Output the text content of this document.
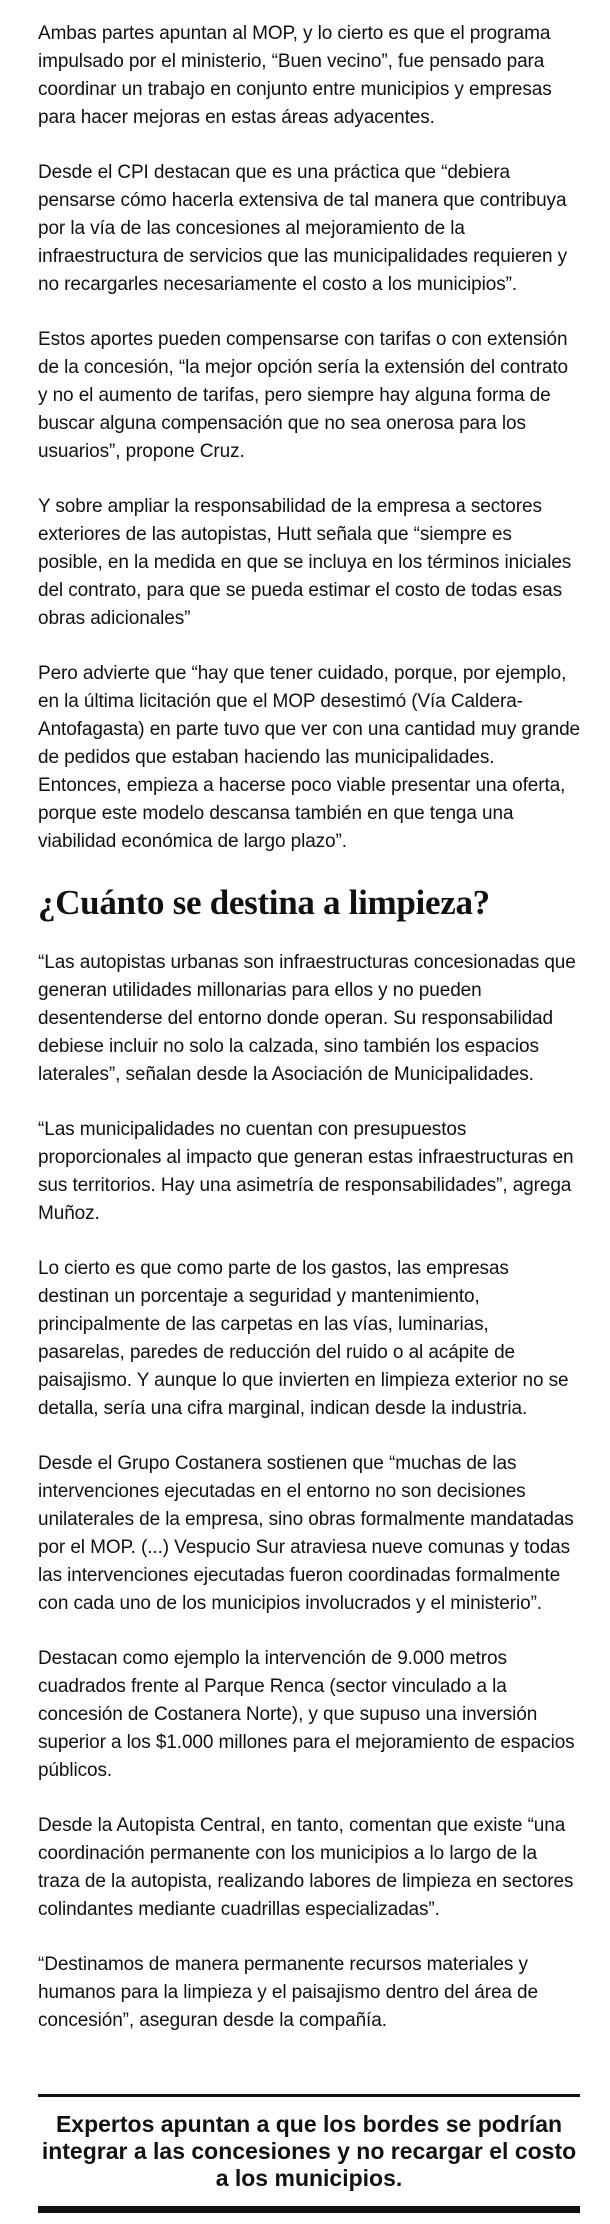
Ambas partes apuntan al MOP, y lo cierto es que el programa impulsado por el ministerio, “Buen vecino”, fue pensado para coordinar un trabajo en conjunto entre municipios y empresas para hacer mejoras en estas áreas adyacentes.

Desde el CPI destacan que es una práctica que “debiera pensarse cómo hacerla extensiva de tal manera que contribuya por la vía de las concesiones al mejoramiento de la infraestructura de servicios que las municipalidades requieren y no recargarles necesariamente el costo a los municipios”.

Estos aportes pueden compensarse con tarifas o con extensión de la concesión, “la mejor opción sería la extensión del contrato y no el aumento de tarifas, pero siempre hay alguna forma de buscar alguna compensación que no sea onerosa para los usuarios”, propone Cruz.

Y sobre ampliar la responsabilidad de la empresa a sectores exteriores de las autopistas, Hutt señala que “siempre es posible, en la medida en que se incluya en los términos iniciales del contrato, para que se pueda estimar el costo de todas esas obras adicionales”

Pero advierte que “hay que tener cuidado, porque, por ejemplo, en la última licitación que el MOP desestimó (Vía Caldera-Antofagasta) en parte tuvo que ver con una cantidad muy grande de pedidos que estaban haciendo las municipalidades. Entonces, empieza a hacerse poco viable presentar una oferta, porque este modelo descansa también en que tenga una viabilidad económica de largo plazo”.

¿Cuánto se destina a limpieza?

“Las autopistas urbanas son infraestructuras concesionadas que generan utilidades millonarias para ellos y no pueden desentenderse del entorno donde operan. Su responsabilidad debiese incluir no solo la calzada, sino también los espacios laterales”, señalan desde la Asociación de Municipalidades.

“Las municipalidades no cuentan con presupuestos proporcionales al impacto que generan estas infraestructuras en sus territorios. Hay una asimetría de responsabilidades”, agrega Muñoz.

Lo cierto es que como parte de los gastos, las empresas destinan un porcentaje a seguridad y mantenimiento, principalmente de las carpetas en las vías, luminarias, pasarelas, paredes de reducción del ruido o al acápite de paisajismo. Y aunque lo que invierten en limpieza exterior no se detalla, sería una cifra marginal, indican desde la industria.

Desde el Grupo Costanera sostienen que “muchas de las intervenciones ejecutadas en el entorno no son decisiones unilaterales de la empresa, sino obras formalmente mandatadas por el MOP. (...) Vespucio Sur atraviesa nueve comunas y todas las intervenciones ejecutadas fueron coordinadas formalmente con cada uno de los municipios involucrados y el ministerio”.

Destacan como ejemplo la intervención de 9.000 metros cuadrados frente al Parque Renca (sector vinculado a la concesión de Costanera Norte), y que supuso una inversión superior a los $1.000 millones para el mejoramiento de espacios públicos.

Desde la Autopista Central, en tanto, comentan que existe “una coordinación permanente con los municipios a lo largo de la traza de la autopista, realizando labores de limpieza en sectores colindantes mediante cuadrillas especializadas”.

“Destinamos de manera permanente recursos materiales y humanos para la limpieza y el paisajismo dentro del área de concesión”, aseguran desde la compañía.

Expertos apuntan a que los bordes se podrían integrar a las concesiones y no recargar el costo a los municipios.
